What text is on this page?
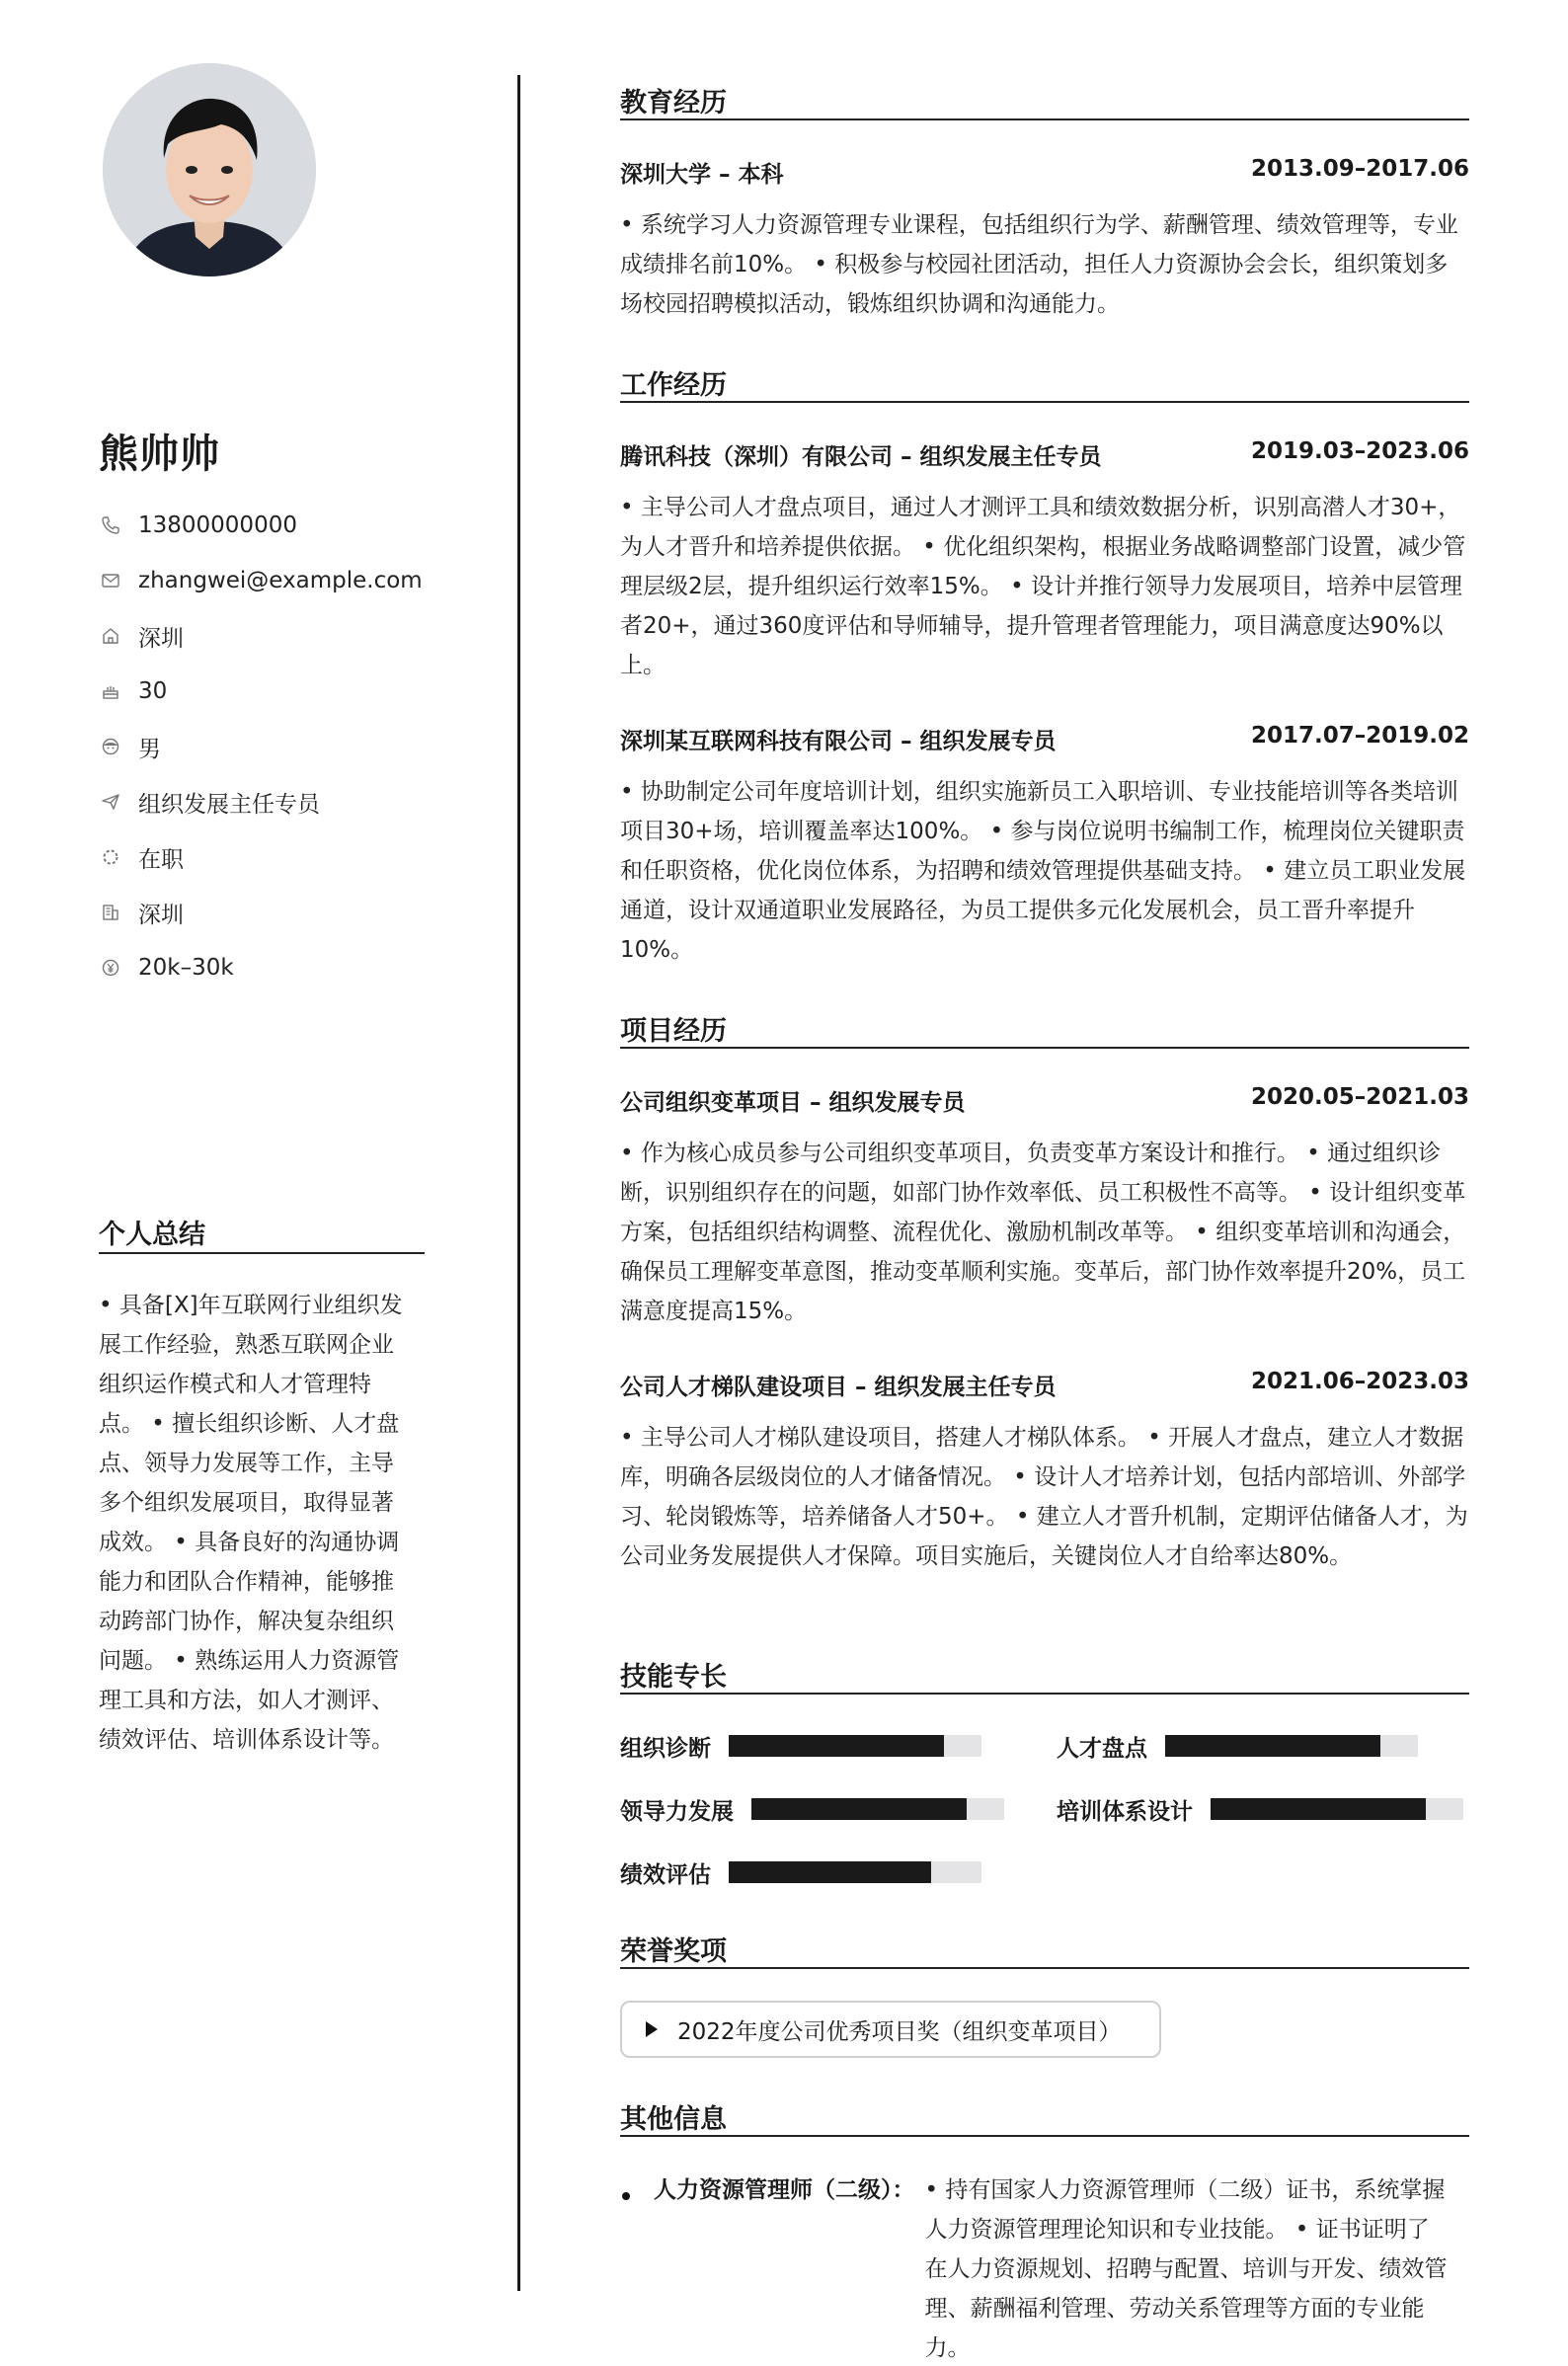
熊帅帅
13800000000
zhangwei@example.com
深圳
30
男
组织发展主任专员
在职
深圳
20k–30k
个人总结
• 具备[X]年互联网行业组织发展工作经验，熟悉互联网企业组织运作模式和人才管理特点。 • 擅长组织诊断、人才盘点、领导力发展等工作，主导多个组织发展项目，取得显著成效。 • 具备良好的沟通协调能力和团队合作精神，能够推动跨部门协作，解决复杂组织问题。 • 熟练运用人力资源管理工具和方法，如人才测评、绩效评估、培训体系设计等。
教育经历
深圳大学 – 本科	2013.09–2017.06
• 系统学习人力资源管理专业课程，包括组织行为学、薪酬管理、绩效管理等，专业成绩排名前10%。 • 积极参与校园社团活动，担任人力资源协会会长，组织策划多场校园招聘模拟活动，锻炼组织协调和沟通能力。
工作经历
腾讯科技（深圳）有限公司 – 组织发展主任专员	2019.03–2023.06
• 主导公司人才盘点项目，通过人才测评工具和绩效数据分析，识别高潜人才30+，为人才晋升和培养提供依据。 • 优化组织架构，根据业务战略调整部门设置，减少管理层级2层，提升组织运行效率15%。 • 设计并推行领导力发展项目，培养中层管理者20+，通过360度评估和导师辅导，提升管理者管理能力，项目满意度达90%以上。
深圳某互联网科技有限公司 – 组织发展专员	2017.07–2019.02
• 协助制定公司年度培训计划，组织实施新员工入职培训、专业技能培训等各类培训项目30+场，培训覆盖率达100%。 • 参与岗位说明书编制工作，梳理岗位关键职责和任职资格，优化岗位体系，为招聘和绩效管理提供基础支持。 • 建立员工职业发展通道，设计双通道职业发展路径，为员工提供多元化发展机会，员工晋升率提升10%。
项目经历
公司组织变革项目 – 组织发展专员	2020.05–2021.03
• 作为核心成员参与公司组织变革项目，负责变革方案设计和推行。 • 通过组织诊断，识别组织存在的问题，如部门协作效率低、员工积极性不高等。 • 设计组织变革方案，包括组织结构调整、流程优化、激励机制改革等。 • 组织变革培训和沟通会，确保员工理解变革意图，推动变革顺利实施。变革后，部门协作效率提升20%，员工满意度提高15%。
公司人才梯队建设项目 – 组织发展主任专员	2021.06–2023.03
• 主导公司人才梯队建设项目，搭建人才梯队体系。 • 开展人才盘点，建立人才数据库，明确各层级岗位的人才储备情况。 • 设计人才培养计划，包括内部培训、外部学习、轮岗锻炼等，培养储备人才50+。 • 建立人才晋升机制，定期评估储备人才，为公司业务发展提供人才保障。项目实施后，关键岗位人才自给率达80%。
技能专长
组织诊断	人才盘点
领导力发展	培训体系设计
绩效评估
荣誉奖项
2022年度公司优秀项目奖（组织变革项目）
其他信息
人力资源管理师（二级）： • 持有国家人力资源管理师（二级）证书，系统掌握人力资源管理理论知识和专业技能。 • 证书证明了在人力资源规划、招聘与配置、培训与开发、绩效管理、薪酬福利管理、劳动关系管理等方面的专业能力。
